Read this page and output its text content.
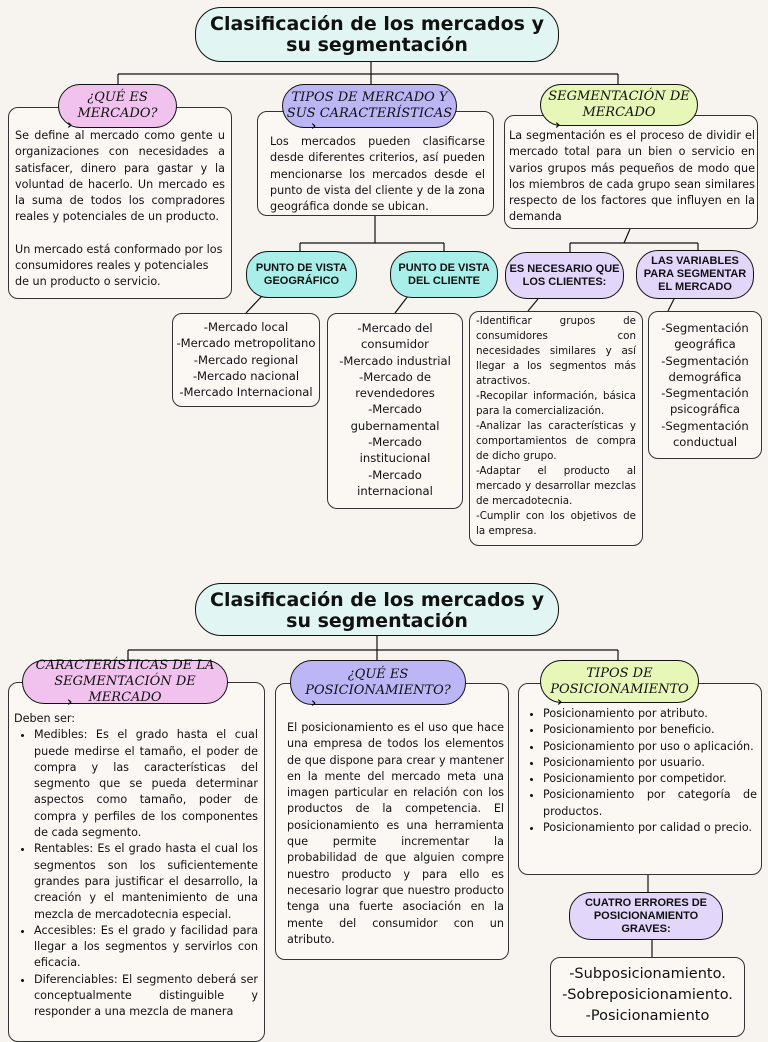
Clasificación de los mercados y su segmentación
Se define al mercado como gente u organizaciones con necesidades a satisfacer, dinero para gastar y la voluntad de hacerlo. Un mercado es la suma de todos los compradores reales y potenciales de un producto.
Un mercado está conformado por los consumidores reales y potenciales de un producto o servicio.
¿QUÉ ES MERCADO?
›
Los mercados pueden clasificarse desde diferentes criterios, así pueden mencionarse los mercados desde el punto de vista del cliente y de la zona geográfica donde se ubican.
TIPOS DE MERCADO Y SUS CARACTERÍSTICAS
›
La segmentación es el proceso de dividir el mercado total para un bien o servicio en varios grupos más pequeños de modo que los miembros de cada grupo sean similares respecto de los factores que influyen en la demanda
SEGMENTACIÓN DE MERCADO
›
PUNTO DE VISTA GEOGRÁFICO
-Mercado local
-Mercado metropolitano
-Mercado regional
-Mercado nacional
-Mercado Internacional
PUNTO DE VISTA DEL CLIENTE
-Mercado del consumidor
-Mercado industrial
-Mercado de revendedores
-Mercado gubernamental
-Mercado institucional
-Mercado internacional
ES NECESARIO QUE LOS CLIENTES:
-Identificar grupos de consumidores con necesidades similares y así llegar a los segmentos más atractivos.
-Recopilar información, básica para la comercialización.
-Analizar las características y comportamientos de compra de dicho grupo.
-Adaptar el producto al mercado y desarrollar mezclas de mercadotecnia.
-Cumplir con los objetivos de la empresa.
LAS VARIABLES PARA SEGMENTAR EL MERCADO
-Segmentación geográfica
-Segmentación demográfica
-Segmentación psicográfica
-Segmentación conductual
Clasificación de los mercados y su segmentación
Deben ser:
• Medibles: Es el grado hasta el cual puede medirse el tamaño, el poder de compra y las características del segmento que se pueda determinar aspectos como tamaño, poder de compra y perfiles de los componentes de cada segmento.
• Rentables: Es el grado hasta el cual los segmentos son los suficientemente grandes para justificar el desarrollo, la creación y el mantenimiento de una mezcla de mercadotecnia especial.
• Accesibles: Es el grado y facilidad para llegar a los segmentos y servirlos con eficacia.
• Diferenciables: El segmento deberá ser conceptualmente distinguible y responder a una mezcla de manera
CARACTERÍSTICAS DE LA SEGMENTACIÓN DE MERCADO
›
El posicionamiento es el uso que hace una empresa de todos los elementos de que dispone para crear y mantener en la mente del mercado meta una imagen particular en relación con los productos de la competencia. El posicionamiento es una herramienta que permite incrementar la probabilidad de que alguien compre nuestro producto y para ello es necesario lograr que nuestro producto tenga una fuerte asociación en la mente del consumidor con un atributo.
¿QUÉ ES POSICIONAMIENTO?
›
• Posicionamiento por atributo.
• Posicionamiento por beneficio.
• Posicionamiento por uso o aplicación.
• Posicionamiento por usuario.
• Posicionamiento por competidor.
• Posicionamiento por categoría de productos.
• Posicionamiento por calidad o precio.
TIPOS DE POSICIONAMIENTO
›
CUATRO ERRORES DE POSICIONAMIENTO GRAVES:
-Subposicionamiento.
-Sobreposicionamiento.
-Posicionamiento
